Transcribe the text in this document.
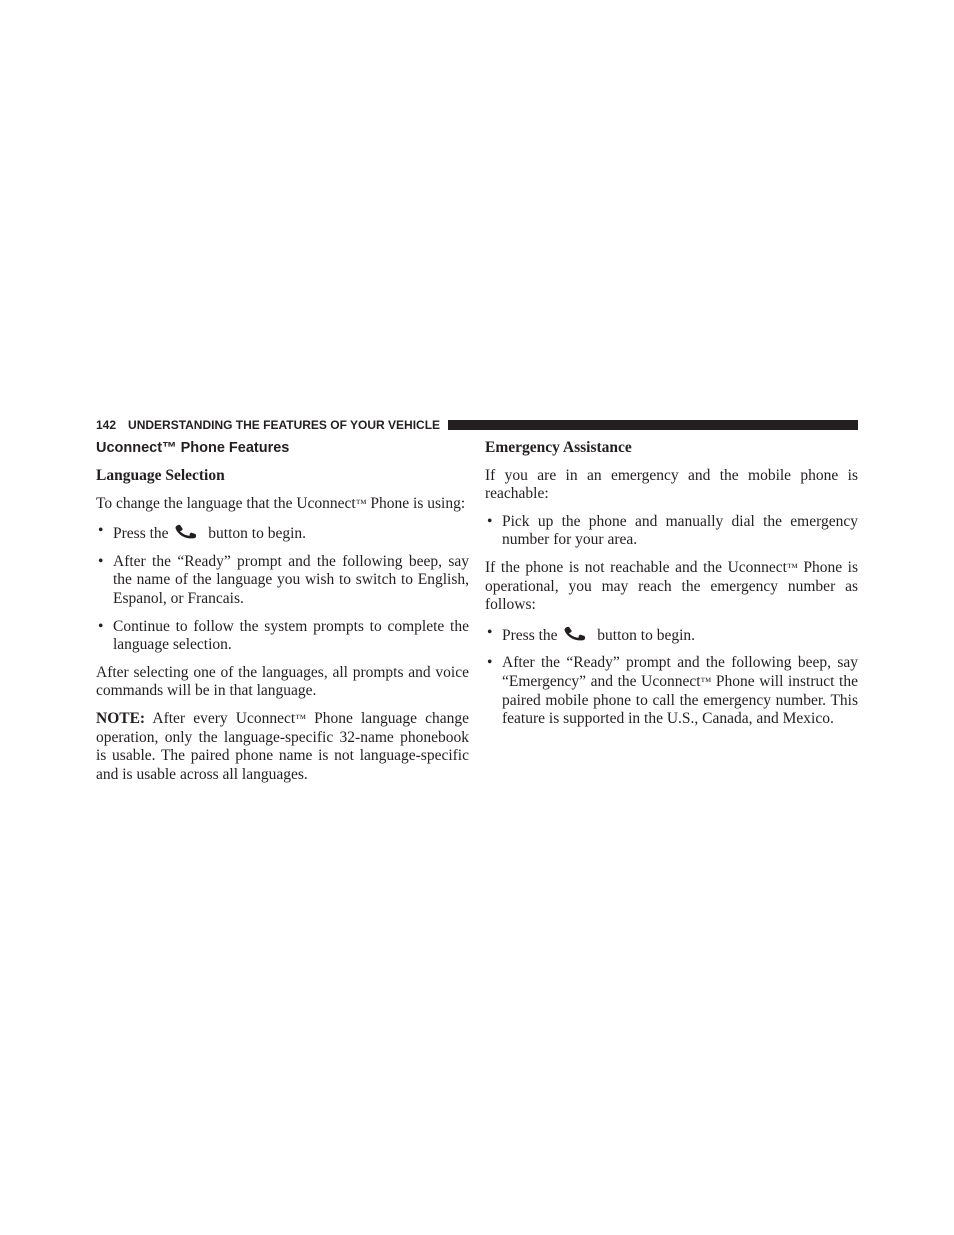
142 UNDERSTANDING THE FEATURES OF YOUR VEHICLE
Uconnect™ Phone Features
Language Selection

To change the language that the Uconnect™ Phone is using:

• Press the  button to begin.
• After the “Ready” prompt and the following beep, say the name of the language you wish to switch to English, Espanol, or Francais.
• Continue to follow the system prompts to complete the language selection.

After selecting one of the languages, all prompts and voice commands will be in that language.

NOTE: After every Uconnect™ Phone language change operation, only the language-specific 32-name phonebook is usable. The paired phone name is not language-specific and is usable across all languages.

Emergency Assistance

If you are in an emergency and the mobile phone is reachable:

• Pick up the phone and manually dial the emergency number for your area.

If the phone is not reachable and the Uconnect™ Phone is operational, you may reach the emergency number as follows:

• Press the  button to begin.
• After the “Ready” prompt and the following beep, say “Emergency” and the Uconnect™ Phone will instruct the paired mobile phone to call the emergency number. This feature is supported in the U.S., Canada, and Mexico.
